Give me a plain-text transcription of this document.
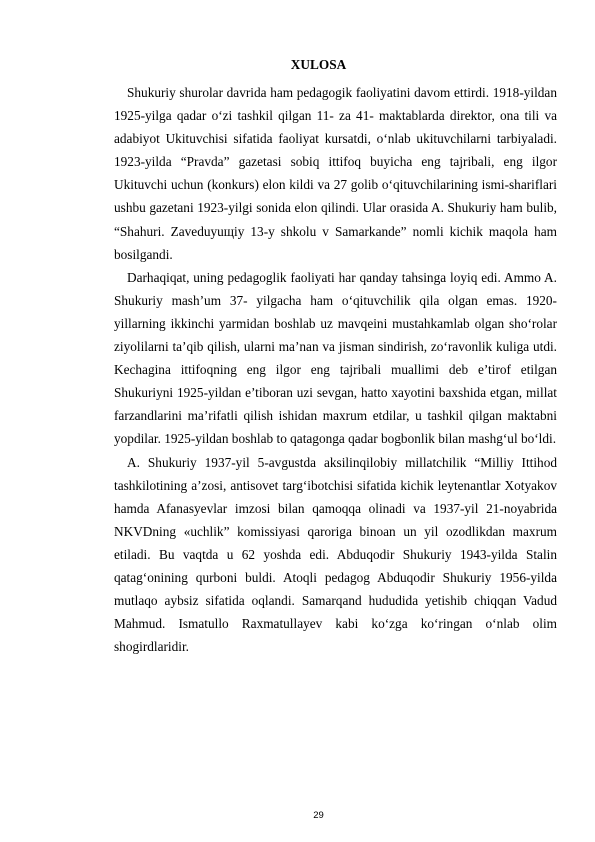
XULOSA

Shukuriy shurolar davrida ham pedagogik faoliyatini davom ettirdi. 1918-yildan 1925-yilga qadar o‘zi tashkil qilgan 11- za 41- maktablarda direktor, ona tili va adabiyot Ukituvchisi sifatida faoliyat kursatdi, o‘nlab ukituvchilarni tarbiyaladi. 1923-yilda “Pravda” gazetasi sobiq ittifoq buyicha eng tajribali, eng ilgor Ukituvchi uchun (konkurs) elon kildi va 27 golib o‘qituvchilarining ismi-shariflari ushbu gazetani 1923-yilgi sonida elon qilindi. Ular orasida A. Shukuriy ham bulib, “Shahuri. Zaveduyuщiy 13-y shkolu v Samarkande” nomli kichik maqola ham bosilgandi.

Darhaqiqat, uning pedagoglik faoliyati har qanday tahsinga loyiq edi. Ammo A. Shukuriy mash’um 37- yilgacha ham o‘qituvchilik qila olgan emas. 1920-yillarning ikkinchi yarmidan boshlab uz mavqeini mustahkamlab olgan sho‘rolar ziyolilarni ta’qib qilish, ularni ma’nan va jisman sindirish, zo‘ravonlik kuliga utdi. Kechagina ittifoqning eng ilgor eng tajribali muallimi deb e’tirof etilgan Shukuriyni 1925-yildan e’tiboran uzi sevgan, hatto xayotini baxshida etgan, millat farzandlarini ma’rifatli qilish ishidan maxrum etdilar, u tashkil qilgan maktabni yopdilar. 1925-yildan boshlab to qatagonga qadar bogbonlik bilan mashg‘ul bo‘ldi.

A. Shukuriy 1937-yil 5-avgustda aksilinqilobiy millatchilik “Milliy Ittihod tashkilotining a’zosi, antisovet targ‘ibotchisi sifatida kichik leytenantlar Xotyakov hamda Afanasyevlar imzosi bilan qamoqqa olinadi va 1937-yil 21-noyabrida NKVDning «uchlik” komissiyasi qaroriga binoan un yil ozodlikdan maxrum etiladi. Bu vaqtda u 62 yoshda edi. Abduqodir Shukuriy 1943-yilda Stalin qatag‘onining qurboni buldi. Atoqli pedagog Abduqodir Shukuriy 1956-yilda mutlaqo aybsiz sifatida oqlandi. Samarqand hududida yetishib chiqqan Vadud Mahmud. Ismatullo Raxmatullayev kabi ko‘zga ko‘ringan o‘nlab olim shogirdlaridir.

29
